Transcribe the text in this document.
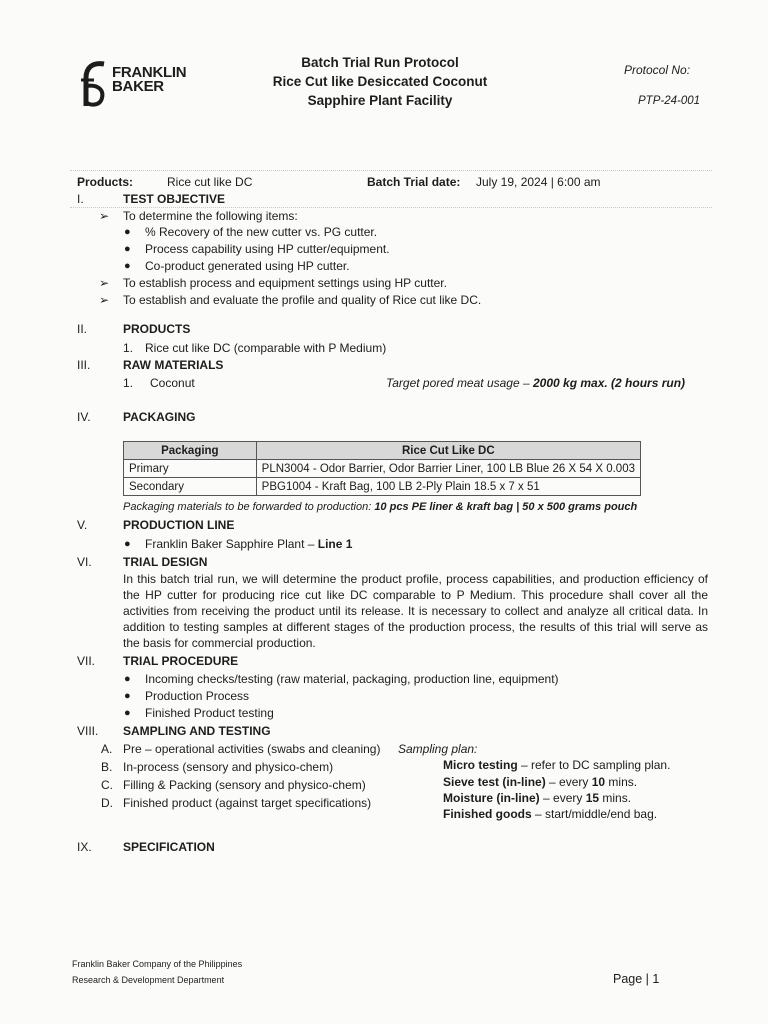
FRANKLIN
BAKER
Batch Trial Run Protocol
Rice Cut like Desiccated Coconut
Sapphire Plant Facility
Protocol No:
PTP-24-001
Products:	Rice cut like DC	Batch Trial date: July 19, 2024 | 6:00 am
I.	TEST OBJECTIVE
➢ To determine the following items:
● % Recovery of the new cutter vs. PG cutter.
● Process capability using HP cutter/equipment.
● Co-product generated using HP cutter.
➢ To establish process and equipment settings using HP cutter.
➢ To establish and evaluate the profile and quality of Rice cut like DC.
II.	PRODUCTS
1. Rice cut like DC (comparable with P Medium)
III.	RAW MATERIALS
1. Coconut	Target pored meat usage – 2000 kg max. (2 hours run)
IV.	PACKAGING
Packaging	Rice Cut Like DC
Primary	PLN3004 - Odor Barrier, Odor Barrier Liner, 100 LB Blue 26 X 54 X 0.003
Secondary	PBG1004 - Kraft Bag, 100 LB 2-Ply Plain 18.5 x 7 x 51
Packaging materials to be forwarded to production: 10 pcs PE liner & kraft bag | 50 x 500 grams pouch
V.	PRODUCTION LINE
● Franklin Baker Sapphire Plant – Line 1
VI.	TRIAL DESIGN
In this batch trial run, we will determine the product profile, process capabilities, and production efficiency of the HP cutter for producing rice cut like DC comparable to P Medium. This procedure shall cover all the activities from receiving the product until its release. It is necessary to collect and analyze all critical data. In addition to testing samples at different stages of the production process, the results of this trial will serve as the basis for commercial production.
VII. TRIAL PROCEDURE
● Incoming checks/testing (raw material, packaging, production line, equipment)
● Production Process
● Finished Product testing
VIII. SAMPLING AND TESTING
A. Pre – operational activities (swabs and cleaning)
B. In-process (sensory and physico-chem)
C. Filling & Packing (sensory and physico-chem)
D. Finished product (against target specifications)
Sampling plan:
Micro testing – refer to DC sampling plan.
Sieve test (in-line) – every 10 mins.
Moisture (in-line) – every 15 mins.
Finished goods – start/middle/end bag.
IX.	SPECIFICATION
Franklin Baker Company of the Philippines
Research & Development Department	Page | 1
